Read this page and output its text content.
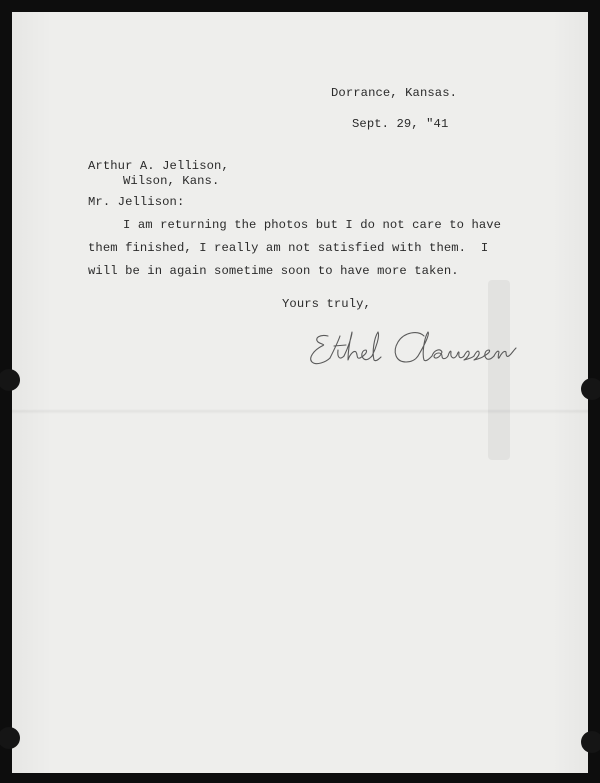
Dorrance, Kansas.
Sept. 29, "41
Arthur A. Jellison,
Wilson, Kans.
Mr. Jellison:
I am returning the photos but I do not care to have
them finished, I really am not satisfied with them.  I
will be in again sometime soon to have more taken.
Yours truly,
